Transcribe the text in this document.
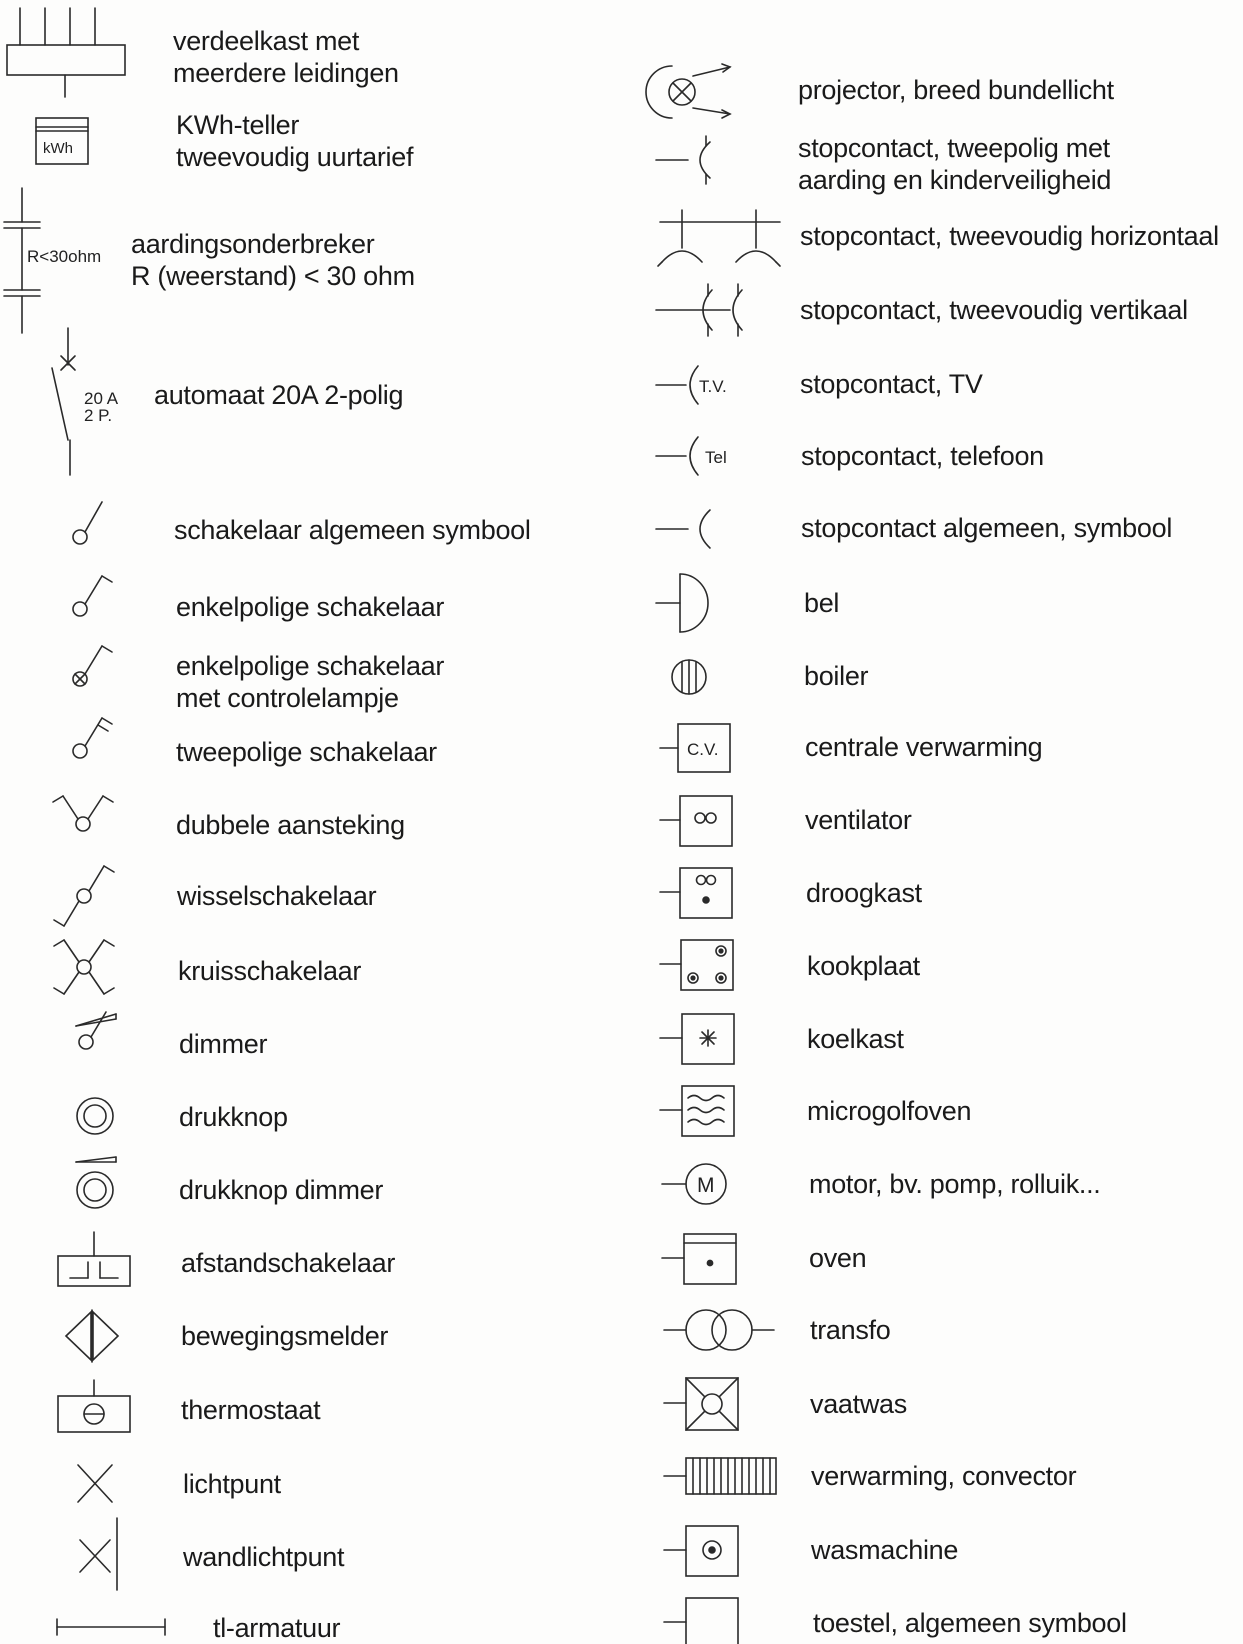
kWh
R<30ohm
20 A
2 P.
T.V.
Tel
C.V.
M
verdeelkast met
meerdere leidingen
KWh-teller
tweevoudig uurtarief
aardingsonderbreker
R (weerstand) < 30 ohm
automaat 20A 2-polig
schakelaar algemeen symbool
enkelpolige schakelaar
enkelpolige schakelaar
met controlelampje
tweepolige schakelaar
dubbele aansteking
wisselschakelaar
kruisschakelaar
dimmer
drukknop
drukknop dimmer
afstandschakelaar
bewegingsmelder
thermostaat
lichtpunt
wandlichtpunt
tl-armatuur
projector, breed bundellicht
stopcontact, tweepolig met
aarding en kinderveiligheid
stopcontact, tweevoudig horizontaal
stopcontact, tweevoudig vertikaal
stopcontact, TV
stopcontact, telefoon
stopcontact algemeen, symbool
bel
boiler
centrale verwarming
ventilator
droogkast
kookplaat
koelkast
microgolfoven
motor, bv. pomp, rolluik...
oven
transfo
vaatwas
verwarming, convector
wasmachine
toestel, algemeen symbool
